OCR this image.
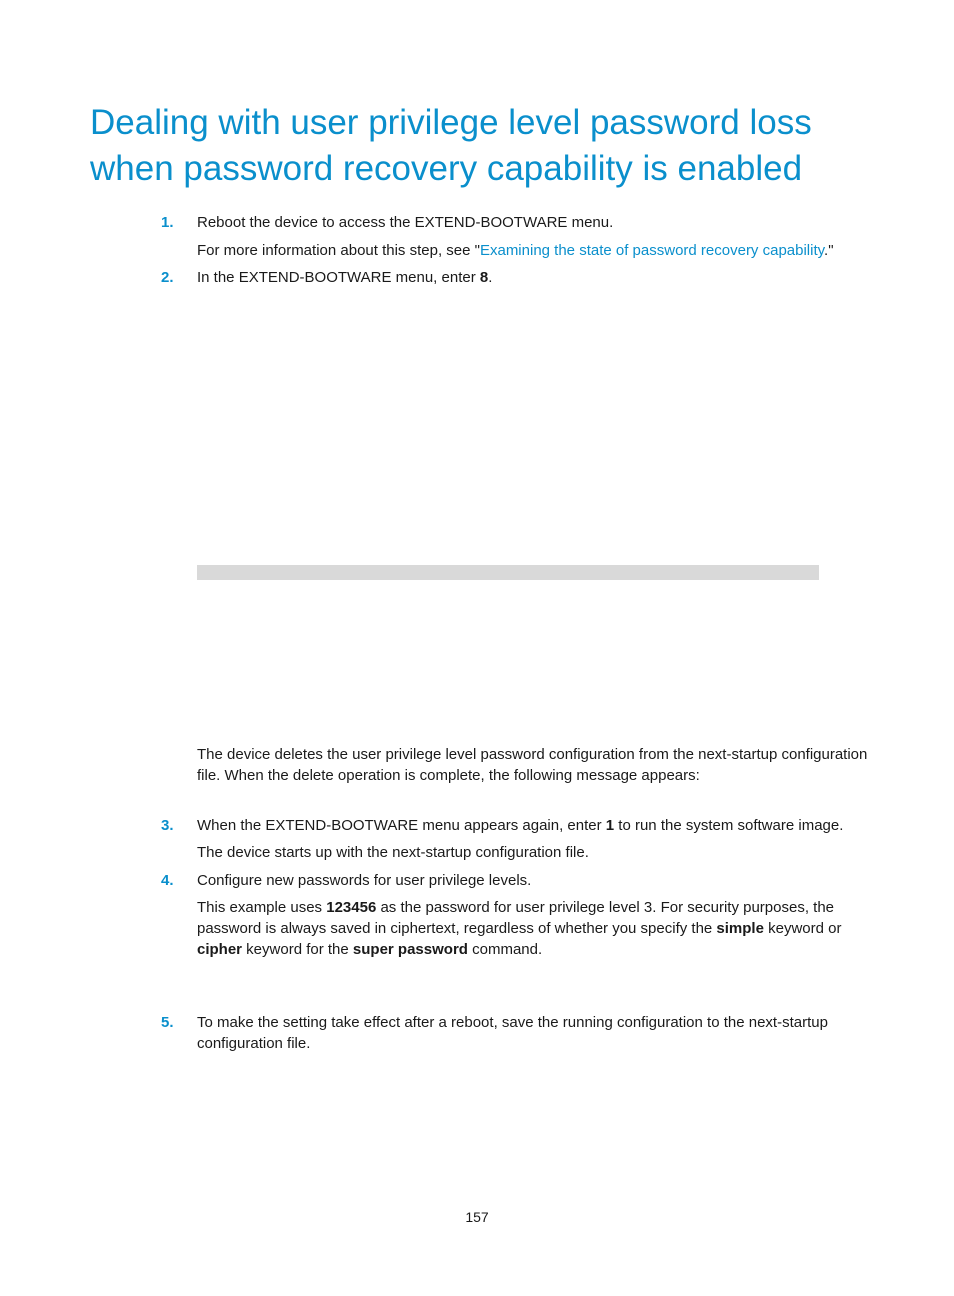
Dealing with user privilege level password loss
when password recovery capability is enabled
1. Reboot the device to access the EXTEND-BOOTWARE menu.
For more information about this step, see "Examining the state of password recovery capability."
2. In the EXTEND-BOOTWARE menu, enter 8.
The device deletes the user privilege level password configuration from the next-startup configuration file. When the delete operation is complete, the following message appears:
3. When the EXTEND-BOOTWARE menu appears again, enter 1 to run the system software image.
The device starts up with the next-startup configuration file.
4. Configure new passwords for user privilege levels.
This example uses 123456 as the password for user privilege level 3. For security purposes, the password is always saved in ciphertext, regardless of whether you specify the simple keyword or cipher keyword for the super password command.
5. To make the setting take effect after a reboot, save the running configuration to the next-startup configuration file.
157
